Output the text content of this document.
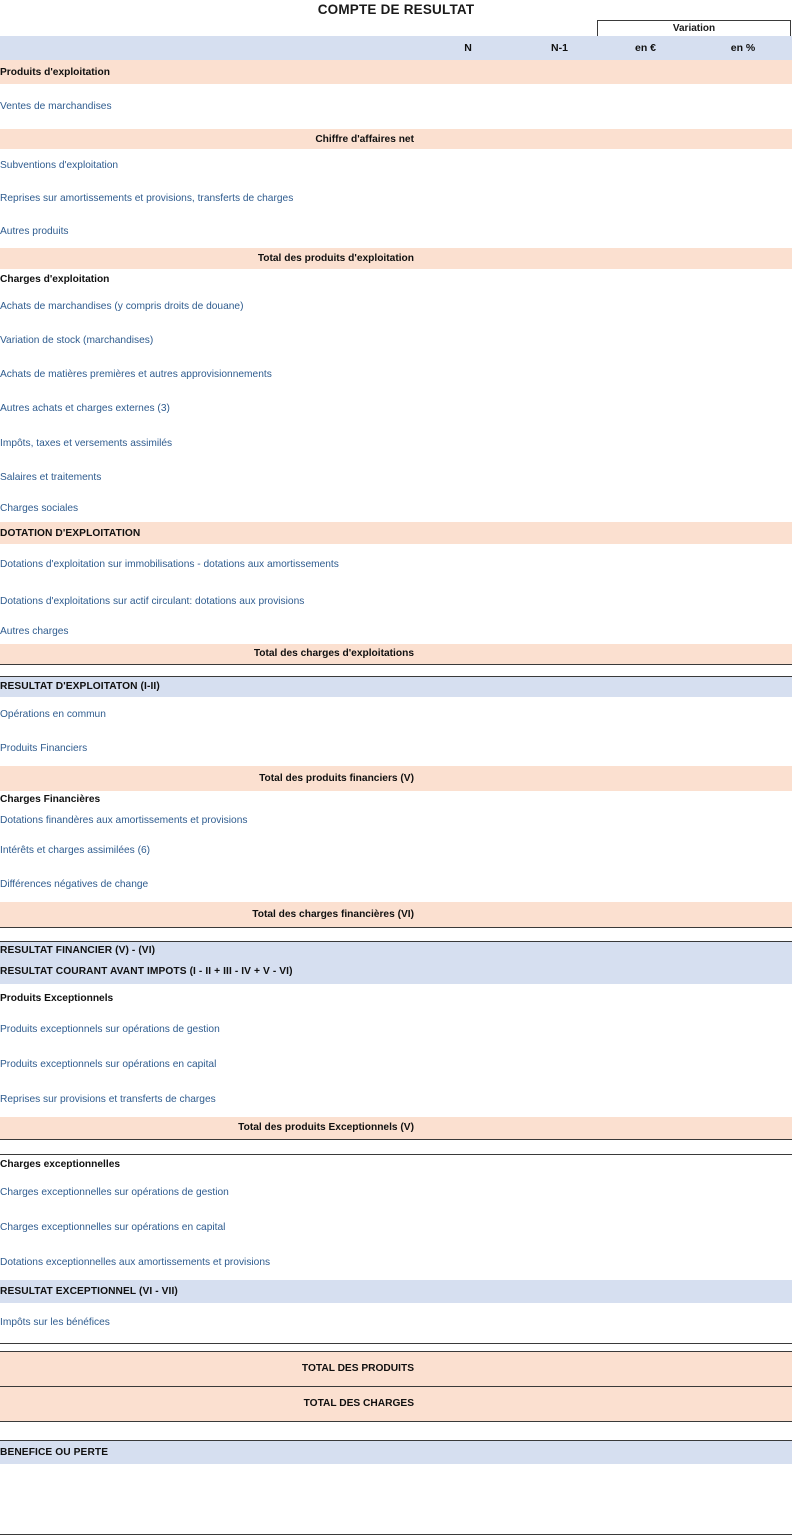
COMPTE DE RESULTAT
Variation
	N	N-1	en €	en %
Produits d'exploitation				
Ventes de marchandises				
Chiffre d'affaires net				
Subventions d'exploitation				
Reprises sur amortissements et provisions, transferts de charges				
Autres produits				
Total des produits d'exploitation				
Charges d'exploitation				
Achats de marchandises (y compris droits de douane)				
Variation de stock (marchandises)				
Achats de matières premières et autres approvisionnements				
Autres achats et charges externes (3)				
Impôts, taxes et versements assimilés				
Salaires et traitements				
Charges sociales				
DOTATION D'EXPLOITATION				
Dotations d'exploitation sur immobilisations - dotations aux amortissements				
Dotations d'exploitations sur actif circulant: dotations aux provisions				
Autres charges				
Total des charges d'exploitations				

RESULTAT D'EXPLOITATON (I-II)				
Opérations en commun				
Produits Financiers				
Total des produits financiers (V)				
Charges Financières				
Dotations finandères aux amortissements et provisions				
Intérêts et charges assimilées (6)				
Différences négatives de change				
Total des charges financières (VI)				

RESULTAT FINANCIER (V) - (VI)				
RESULTAT COURANT AVANT IMPOTS (I - II + III - IV + V - VI)				
Produits Exceptionnels				
Produits exceptionnels sur opérations de gestion				
Produits exceptionnels sur opérations en capital				
Reprises sur provisions et transferts de charges				
Total des produits Exceptionnels (V)				

Charges exceptionnelles				
Charges exceptionnelles sur opérations de gestion				
Charges exceptionnelles sur opérations en capital				
Dotations exceptionnelles aux amortissements et provisions				
RESULTAT EXCEPTIONNEL (VI - VII)				
Impôts sur les bénéfices				

TOTAL DES PRODUITS				
TOTAL DES CHARGES				

BENEFICE OU PERTE				
